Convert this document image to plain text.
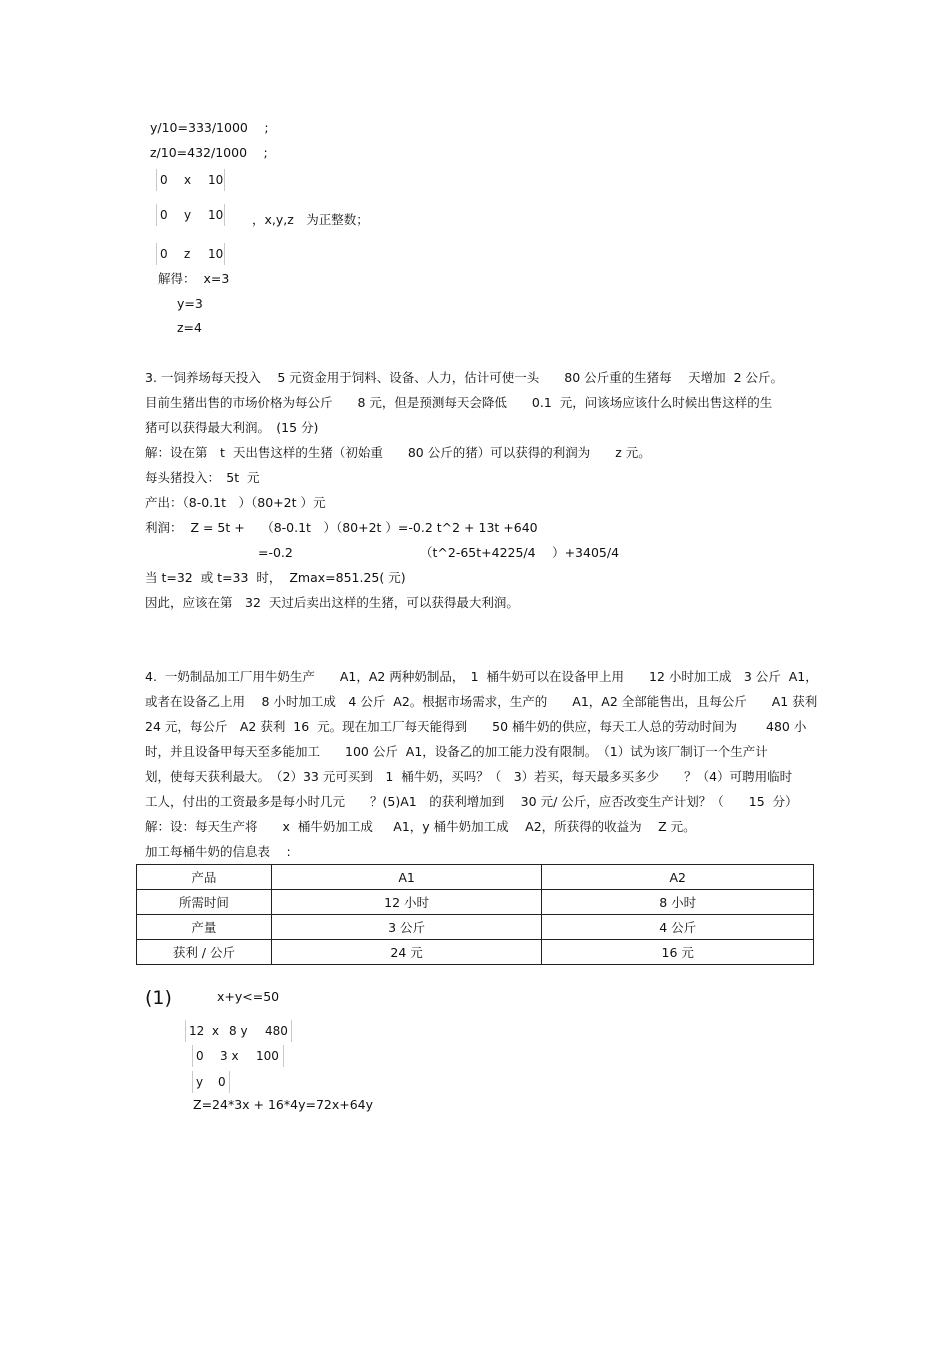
y/10=333/1000　 ;
z/10=432/1000　 ;
0 x 10
0 y 10 ，x,y,z　为正整数；
0 z 10
解得：  x=3
y=3
z=4
3. 一饲养场每天投入　 5 元资金用于饲料、设备、人力，估计可使一头　　80 公斤重的生猪每　 天增加  2 公斤。
目前生猪出售的市场价格为每公斤　　8 元，但是预测每天会降低　　0.1  元，问该场应该什么时候出售这样的生
猪可以获得最大利润。　(15 分)
解：设在第　t  天出售这样的生猪（初始重　　80 公斤的猪）可以获得的利润为　　z 元。
每头猪投入：　5t  元
产出：（8-0.1t　）（80+2t ）元
利润：  Z = 5t +　 （8-0.1t　）（80+2t ）=-0.2 t^2 + 13t +640
=-0.2	（t^2-65t+4225/4　 ）+3405/4
当 t=32  或 t=33  时，  Zmax=851.25( 元)
因此，应该在第　32  天过后卖出这样的生猪，可以获得最大利润。
4.  一奶制品加工厂用牛奶生产　　A1，A2 两种奶制品，　1  桶牛奶可以在设备甲上用　　12 小时加工成　3 公斤  A1，
或者在设备乙上用　 8 小时加工成　4 公斤  A2。根据市场需求，生产的　　A1，A2 全部能售出，且每公斤　　A1 获利
24 元，每公斤　A2 获利  16  元。现在加工厂每天能得到　　50 桶牛奶的供应，每天工人总的劳动时间为　　 480 小
时，并且设备甲每天至多能加工　　100 公斤  A1，设备乙的加工能力没有限制。　（1）试为该厂制订一个生产计
划，使每天获利最大。　（2）33 元可买到　1  桶牛奶，买吗？（　3）若买，每天最多买多少　　？（4）可聘用临时
工人，付出的工资最多是每小时几元　　？(5)A1　的获利增加到　 30 元/ 公斤，应否改变生产计划？（　　15  分）
解：设：每天生产将　　x  桶牛奶加工成　  A1，y 桶牛奶加工成　 A2，所获得的收益为　 Z 元。
加工每桶牛奶的信息表　 :
产品	A1	A2
所需时间	12 小时	8 小时
产量	3 公斤	4 公斤
获利 / 公斤	24 元	16 元
(1)	x+y<=50
12  x 8 y 480
0 3 x 100
y 0
Z=24*3x + 16*4y=72x+64y
